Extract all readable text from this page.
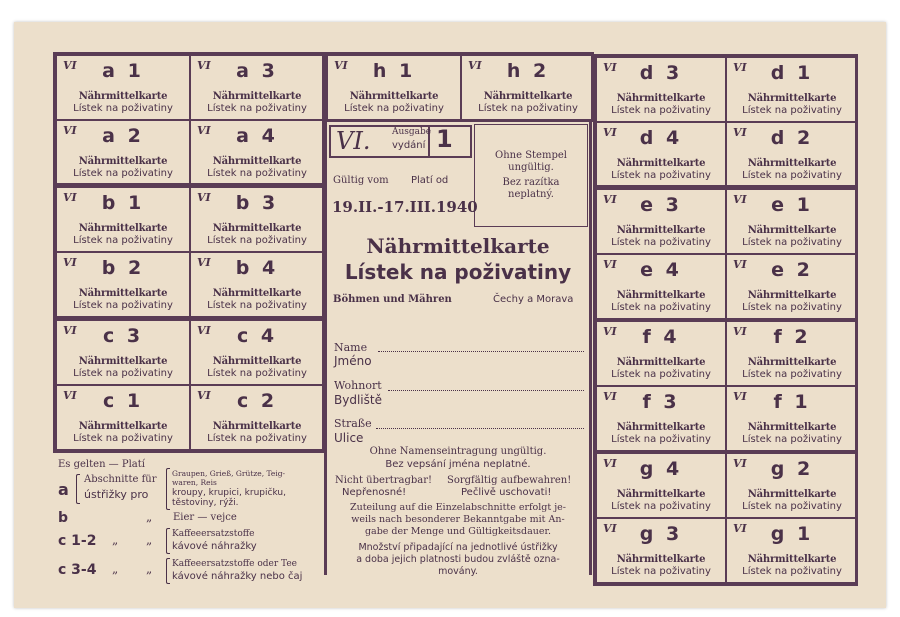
VI	a 1
Nährmittelkarte
Lístek na poživatiny
VI	a 3
Nährmittelkarte
Lístek na poživatiny
VI	a 2
Nährmittelkarte
Lístek na poživatiny
VI	a 4
Nährmittelkarte
Lístek na poživatiny
VI	b 1
Nährmittelkarte
Lístek na poživatiny
VI	b 3
Nährmittelkarte
Lístek na poživatiny
VI	b 2
Nährmittelkarte
Lístek na poživatiny
VI	b 4
Nährmittelkarte
Lístek na poživatiny
VI	c 3
Nährmittelkarte
Lístek na poživatiny
VI	c 4
Nährmittelkarte
Lístek na poživatiny
VI	c 1
Nährmittelkarte
Lístek na poživatiny
VI	c 2
Nährmittelkarte
Lístek na poživatiny
VI	h 1
Nährmittelkarte
Lístek na poživatiny
VI	h 2
Nährmittelkarte
Lístek na poživatiny
VI	d 3
Nährmittelkarte
Lístek na poživatiny
VI	d 1
Nährmittelkarte
Lístek na poživatiny
VI	d 4
Nährmittelkarte
Lístek na poživatiny
VI	d 2
Nährmittelkarte
Lístek na poživatiny
VI	e 3
Nährmittelkarte
Lístek na poživatiny
VI	e 1
Nährmittelkarte
Lístek na poživatiny
VI	e 4
Nährmittelkarte
Lístek na poživatiny
VI	e 2
Nährmittelkarte
Lístek na poživatiny
VI	f 4
Nährmittelkarte
Lístek na poživatiny
VI	f 2
Nährmittelkarte
Lístek na poživatiny
VI	f 3
Nährmittelkarte
Lístek na poživatiny
VI	f 1
Nährmittelkarte
Lístek na poživatiny
VI	g 4
Nährmittelkarte
Lístek na poživatiny
VI	g 2
Nährmittelkarte
Lístek na poživatiny
VI	g 3
Nährmittelkarte
Lístek na poživatiny
VI	g 1
Nährmittelkarte
Lístek na poživatiny
VI. Ausgabe
vydání 1
Ohne Stempel ungültig.
Bez razítka neplatný.
Gültig vom Platí od
19.II.-17.III.1940
Nährmittelkarte
Lístek na poživatiny
Böhmen und Mähren	Čechy a Morava
Name
Jméno
Wohnort
Bydliště
Straße
Ulice
Ohne Namenseintragung ungültig.
Bez vepsání jména neplatné.
Nicht übertragbar! Sorgfältig aufbewahren!
Nepřenosné!	Pečlivě uschovati!
Zuteilung auf die Einzelabschnitte erfolgt je-
weils nach besonderer Bekanntgabe mit An-
gabe der Menge und Gültigkeitsdauer.
Množství připadající na jednotlivé ústřižky
a doba jejich platnosti budou zvláště ozna-
movány.
Es gelten — Platí
a
Abschnitte für
ústřižky pro
Graupen, Grieß, Grütze, Teig-
waren, Reis
kroupy, krupici, krupičku,
těstoviny, rýži.
b	„ Eier — vejce
c 1-2 „ „ Kaffeeersatzstoffe
kávové náhražky
c 3-4 „ „ Kaffeeersatzstoffe oder Tee
kávové náhražky nebo čaj
